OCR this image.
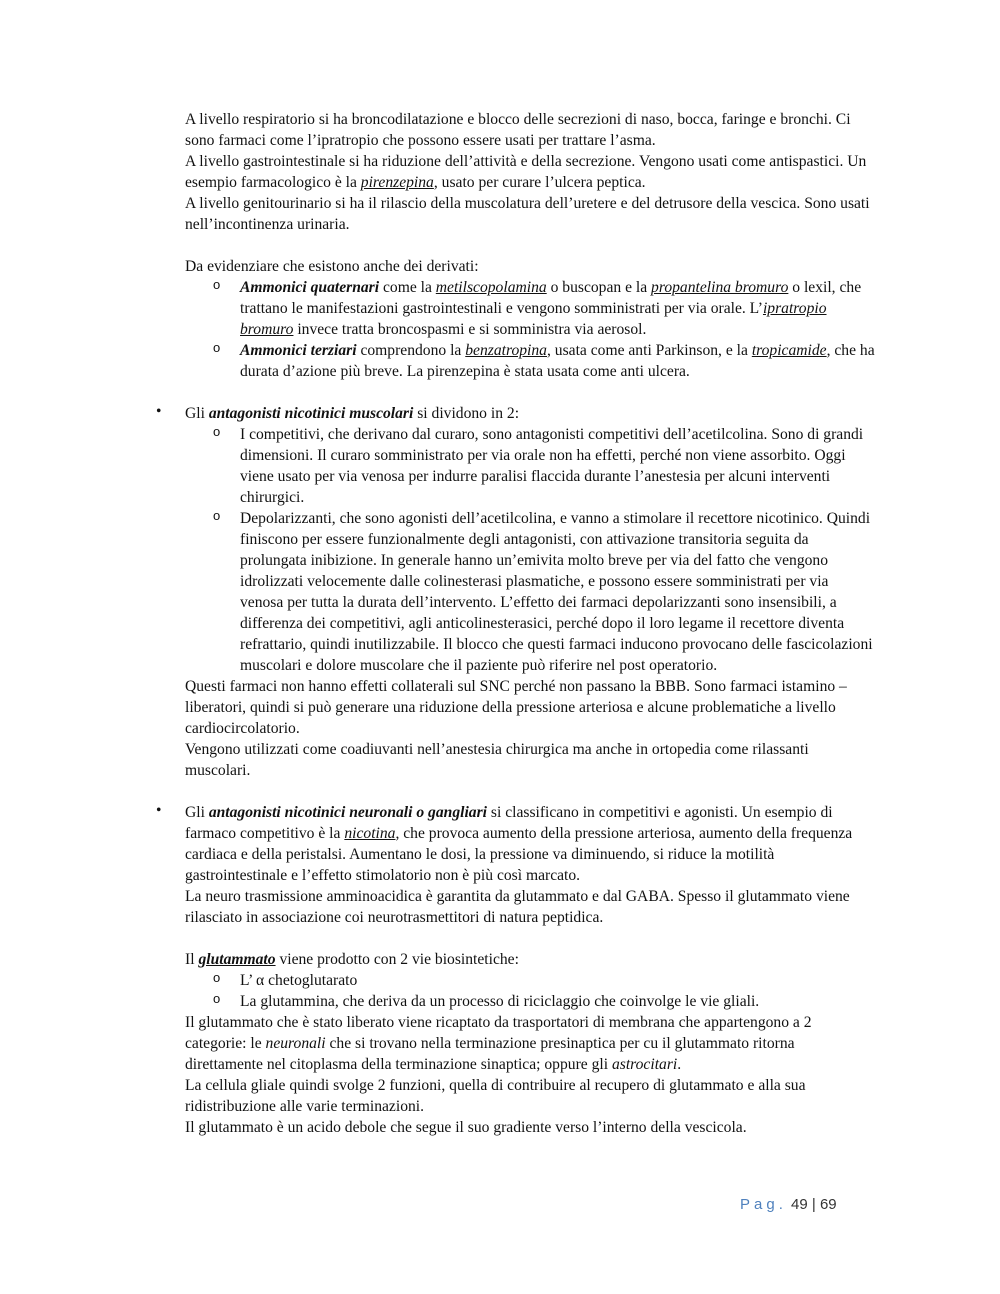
A livello respiratorio si ha broncodilatazione e blocco delle secrezioni di naso, bocca, faringe e bronchi. Ci sono farmaci come l’ipratropio che possono essere usati per trattare l’asma.

A livello gastrointestinale si ha riduzione dell’attività e della secrezione. Vengono usati come antispastici. Un esempio farmacologico è la pirenzepina, usato per curare l’ulcera peptica.

A livello genitourinario si ha il rilascio della muscolatura dell’uretere e del detrusore della vescica. Sono usati nell’incontinenza urinaria.

Da evidenziare che esistono anche dei derivati:

o Ammonici quaternari come la metilscopolamina o buscopan e la propantelina bromuro o lexil, che trattano le manifestazioni gastrointestinali e vengono somministrati per via orale. L’ipratropio bromuro invece tratta broncospasmi e si somministra via aerosol.

o Ammonici terziari comprendono la benzatropina, usata come anti Parkinson, e la tropicamide, che ha durata d’azione più breve. La pirenzepina è stata usata come anti ulcera.

• Gli antagonisti nicotinici muscolari si dividono in 2:

o I competitivi, che derivano dal curaro, sono antagonisti competitivi dell’acetilcolina. Sono di grandi dimensioni. Il curaro somministrato per via orale non ha effetti, perché non viene assorbito. Oggi viene usato per via venosa per indurre paralisi flaccida durante l’anestesia per alcuni interventi chirurgici.

o Depolarizzanti, che sono agonisti dell’acetilcolina, e vanno a stimolare il recettore nicotinico. Quindi finiscono per essere funzionalmente degli antagonisti, con attivazione transitoria seguita da prolungata inibizione. In generale hanno un’emivita molto breve per via del fatto che vengono idrolizzati velocemente dalle colinesterasi plasmatiche, e possono essere somministrati per via venosa per tutta la durata dell’intervento. L’effetto dei farmaci depolarizzanti sono insensibili, a differenza dei competitivi, agli anticolinesterasici, perché dopo il loro legame il recettore diventa refrattario, quindi inutilizzabile. Il blocco che questi farmaci inducono provocano delle fascicolazioni muscolari e dolore muscolare che il paziente può riferire nel post operatorio.

Questi farmaci non hanno effetti collaterali sul SNC perché non passano la BBB. Sono farmaci istamino – liberatori, quindi si può generare una riduzione della pressione arteriosa e alcune problematiche a livello cardiocircolatorio.

Vengono utilizzati come coadiuvanti nell’anestesia chirurgica ma anche in ortopedia come rilassanti muscolari.

• Gli antagonisti nicotinici neuronali o gangliari si classificano in competitivi e agonisti. Un esempio di farmaco competitivo è la nicotina, che provoca aumento della pressione arteriosa, aumento della frequenza cardiaca e della peristalsi. Aumentano le dosi, la pressione va diminuendo, si riduce la motilità gastrointestinale e l’effetto stimolatorio non è più così marcato.

La neuro trasmissione amminoacidica è garantita da glutammato e dal GABA. Spesso il glutammato viene rilasciato in associazione coi neurotrasmettitori di natura peptidica.

Il glutammato viene prodotto con 2 vie biosintetiche:

o L’ α chetoglutarato

o La glutammina, che deriva da un processo di riciclaggio che coinvolge le vie gliali.

Il glutammato che è stato liberato viene ricaptato da trasportatori di membrana che appartengono a 2 categorie: le neuronali che si trovano nella terminazione presinaptica per cu il glutammato ritorna direttamente nel citoplasma della terminazione sinaptica; oppure gli astrocitari.

La cellula gliale quindi svolge 2 funzioni, quella di contribuire al recupero di glutammato e alla sua ridistribuzione alle varie terminazioni.

Il glutammato è un acido debole che segue il suo gradiente verso l’interno della vescicola.

Pag. 49 | 69
